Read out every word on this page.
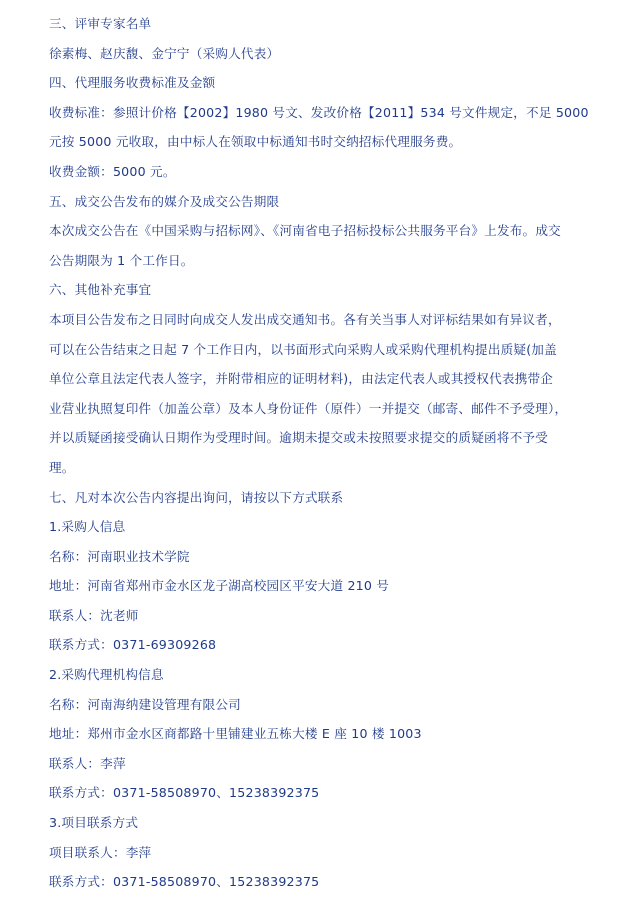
三、评审专家名单
徐素梅、赵庆馥、金宁宁（采购人代表）
四、代理服务收费标准及金额
收费标准：参照计价格【2002】1980 号文、发改价格【2011】534 号文件规定，不足 5000
元按 5000 元收取，由中标人在领取中标通知书时交纳招标代理服务费。
收费金额：5000 元。
五、成交公告发布的媒介及成交公告期限
本次成交公告在《中国采购与招标网》、《河南省电子招标投标公共服务平台》上发布。成交
公告期限为 1 个工作日。
六、其他补充事宜
本项目公告发布之日同时向成交人发出成交通知书。各有关当事人对评标结果如有异议者，
可以在公告结束之日起 7 个工作日内，以书面形式向采购人或采购代理机构提出质疑(加盖
单位公章且法定代表人签字，并附带相应的证明材料)，由法定代表人或其授权代表携带企
业营业执照复印件（加盖公章）及本人身份证件（原件）一并提交（邮寄、邮件不予受理），
并以质疑函接受确认日期作为受理时间。逾期未提交或未按照要求提交的质疑函将不予受
理。
七、凡对本次公告内容提出询问，请按以下方式联系
1.采购人信息
名称：河南职业技术学院
地址：河南省郑州市金水区龙子湖高校园区平安大道 210 号
联系人：沈老师
联系方式：0371-69309268
2.采购代理机构信息
名称：河南海纳建设管理有限公司
地址：郑州市金水区商都路十里铺建业五栋大楼 E 座 10 楼 1003
联系人：李萍
联系方式：0371-58508970、15238392375
3.项目联系方式
项目联系人：李萍
联系方式：0371-58508970、15238392375
